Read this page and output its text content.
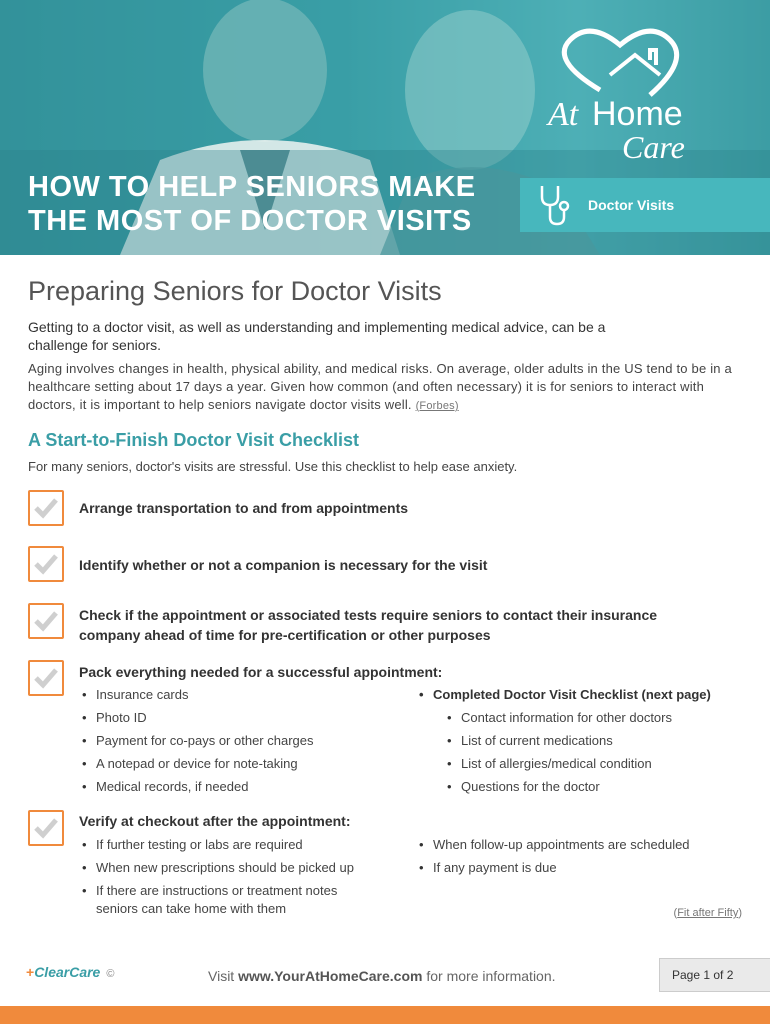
HOW TO HELP SENIORS MAKE
THE MOST OF DOCTOR VISITS	Doctor Visits
At Home
Care
Preparing Seniors for Doctor Visits
Getting to a doctor visit, as well as understanding and implementing medical advice, can be a challenge for seniors.
Aging involves changes in health, physical ability, and medical risks. On average, older adults in the US tend to be in a healthcare setting about 17 days a year. Given how common (and often necessary) it is for seniors to interact with doctors, it is important to help seniors navigate doctor visits well. (Forbes)
A Start-to-Finish Doctor Visit Checklist
For many seniors, doctor's visits are stressful. Use this checklist to help ease anxiety.
Arrange transportation to and from appointments
Identify whether or not a companion is necessary for the visit
Check if the appointment or associated tests require seniors to contact their insurance company ahead of time for pre-certification or other purposes
Pack everything needed for a successful appointment:
• Insurance cards
• Photo ID
• Payment for co-pays or other charges
• A notepad or device for note-taking
• Medical records, if needed
• Completed Doctor Visit Checklist (next page)
• Contact information for other doctors
• List of current medications
• List of allergies/medical condition
• Questions for the doctor
Verify at checkout after the appointment:
• If further testing or labs are required
• When new prescriptions should be picked up
• If there are instructions or treatment notes seniors can take home with them
• When follow-up appointments are scheduled
• If any payment is due
(Fit after Fifty)
+ClearCare ©	Visit www.YourAtHomeCare.com for more information.	Page 1 of 2
